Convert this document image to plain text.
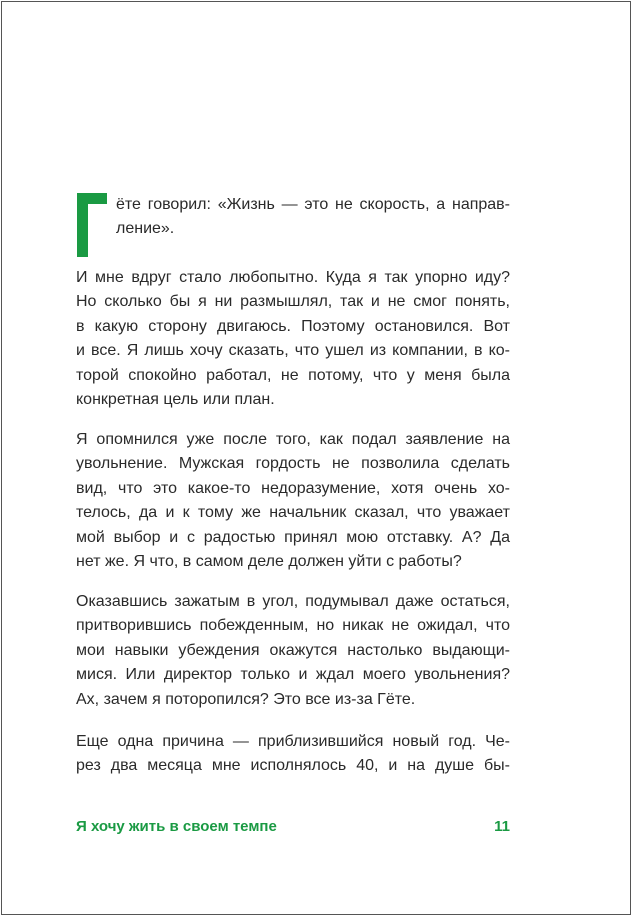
ёте говорил: «Жизнь — это не скорость, а направ-
ление».

И мне вдруг стало любопытно. Куда я так упорно иду?
Но сколько бы я ни размышлял, так и не смог понять,
в какую сторону двигаюсь. Поэтому остановился. Вот
и все. Я лишь хочу сказать, что ушел из компании, в ко-
торой спокойно работал, не потому, что у меня была
конкретная цель или план.

Я опомнился уже после того, как подал заявление на
увольнение. Мужская гордость не позволила сделать
вид, что это какое-то недоразумение, хотя очень хо-
телось, да и к тому же начальник сказал, что уважает
мой выбор и с радостью принял мою отставку. А? Да
нет же. Я что, в самом деле должен уйти с работы?

Оказавшись зажатым в угол, подумывал даже остаться,
притворившись побежденным, но никак не ожидал, что
мои навыки убеждения окажутся настолько выдающи-
мися. Или директор только и ждал моего увольнения?
Ах, зачем я поторопился? Это все из-за Гёте.

Еще одна причина — приблизившийся новый год. Че-
рез два месяца мне исполнялось 40, и на душе бы-

Я хочу жить в своем темпе	11
